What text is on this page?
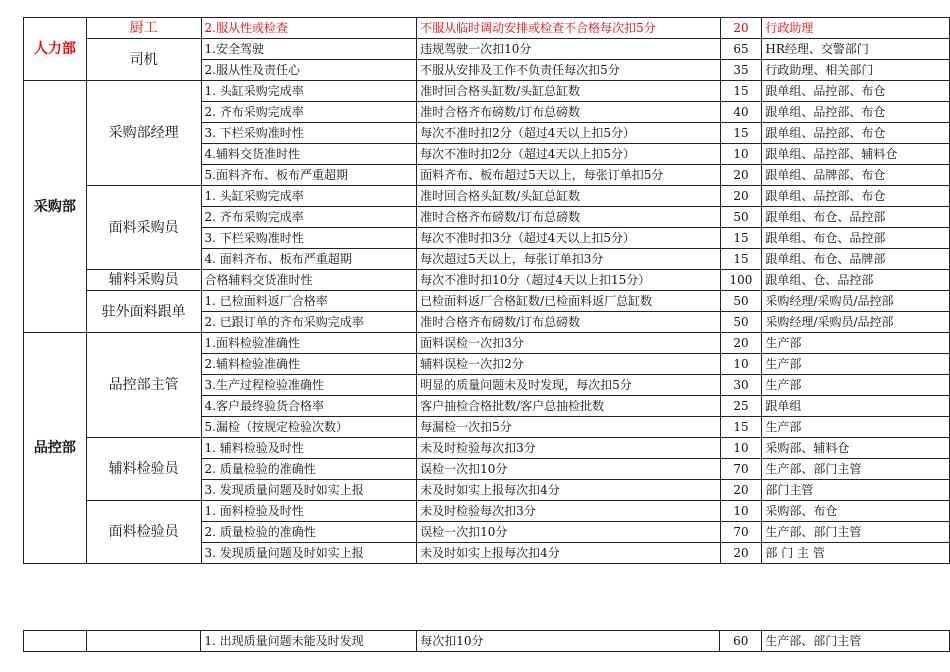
人力部	厨工	2.服从性或检查	不服从临时调动安排或检查不合格每次扣5分	20	行政助理
	司机	1.安全驾驶	违规驾驶一次扣10分	65	HR经理、交警部门
		2.服从性及责任心	不服从安排及工作不负责任每次扣5分	35	行政助理、相关部门
采购部	采购部经理	1. 头缸采购完成率	准时回合格头缸数/头缸总缸数	15	跟单组、品控部、布仓
		2. 齐布采购完成率	准时合格齐布磅数/订布总磅数	40	跟单组、品控部、布仓
		3. 下栏采购准时性	每次不准时扣2分（超过4天以上扣5分）	15	跟单组、品控部、布仓
		4.辅料交货准时性	每次不准时扣2分（超过4天以上扣5分）	10	跟单组、品控部、辅料仓
		5.面料齐布、板布严重超期	面料齐布、板布超过5天以上，每张订单扣5分	20	跟单组、品牌部、布仓
	面料采购员	1. 头缸采购完成率	准时回合格头缸数/头缸总缸数	20	跟单组、品控部、布仓
		2. 齐布采购完成率	准时合格齐布磅数/订布总磅数	50	跟单组、布仓、品控部
		3. 下栏采购准时性	每次不准时扣3分（超过4天以上扣5分）	15	跟单组、布仓、品控部
		4. 面料齐布、板布严重超期	每次超过5天以上，每张订单扣3分	15	跟单组、布仓、品牌部
	辅料采购员	合格辅料交货准时性	每次不准时扣10分（超过4天以上扣15分）	100	跟单组、仓、品控部
	驻外面料跟单	1. 已检面料返厂合格率	已检面料返厂合格缸数/已检面料返厂总缸数	50	采购经理/采购员/品控部
		2. 已跟订单的齐布采购完成率	准时合格齐布磅数/订布总磅数	50	采购经理/采购员/品控部
品控部	品控部主管	1.面料检验准确性	面料误检一次扣3分	20	生产部
		2.辅料检验准确性	辅料误检一次扣2分	10	生产部
		3.生产过程检验准确性	明显的质量问题未及时发现，每次扣5分	30	生产部
		4.客户最终验货合格率	客户抽检合格批数/客户总抽检批数	25	跟单组
		5.漏检（按规定检验次数）	每漏检一次扣5分	15	生产部
	辅料检验员	1. 辅料检验及时性	未及时检验每次扣3分	10	采购部、辅料仓
		2. 质量检验的准确性	误检一次扣10分	70	生产部、部门主管
		3. 发现质量问题及时如实上报	未及时如实上报每次扣4分	20	部门主管
	面料检验员	1. 面料检验及时性	未及时检验每次扣3分	10	采购部、布仓
		2. 质量检验的准确性	误检一次扣10分	70	生产部、部门主管
		3. 发现质量问题及时如实上报	未及时如实上报每次扣4分	20	部 门 主 管
		1. 出现质量问题未能及时发现	每次扣10分	60	生产部、部门主管
